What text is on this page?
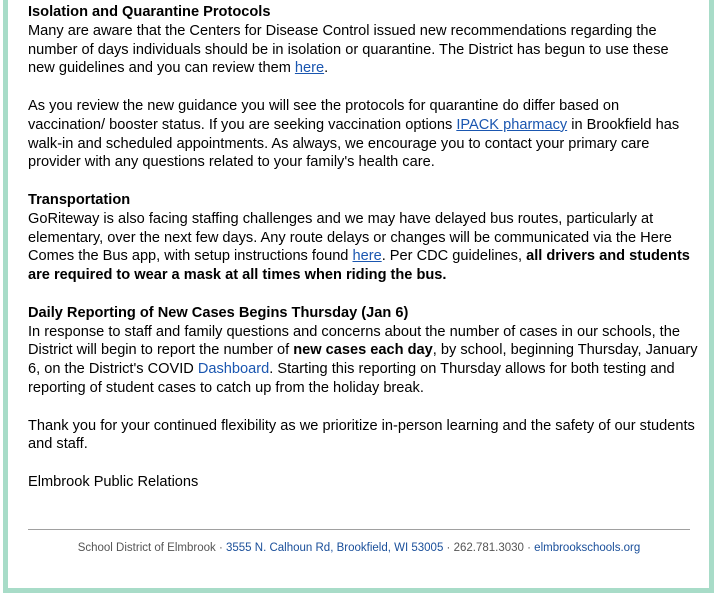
Isolation and Quarantine Protocols

Many are aware that the Centers for Disease Control issued new recommendations regarding the number of days individuals should be in isolation or quarantine. The District has begun to use these new guidelines and you can review them here.

As you review the new guidance you will see the protocols for quarantine do differ based on vaccination/ booster status. If you are seeking vaccination options IPACK pharmacy in Brookfield has walk-in and scheduled appointments. As always, we encourage you to contact your primary care provider with any questions related to your family's health care.

Transportation

GoRiteway is also facing staffing challenges and we may have delayed bus routes, particularly at elementary, over the next few days. Any route delays or changes will be communicated via the Here Comes the Bus app, with setup instructions found here. Per CDC guidelines, all drivers and students are required to wear a mask at all times when riding the bus.

Daily Reporting of New Cases Begins Thursday (Jan 6)

In response to staff and family questions and concerns about the number of cases in our schools, the District will begin to report the number of new cases each day, by school, beginning Thursday, January 6, on the District's COVID Dashboard. Starting this reporting on Thursday allows for both testing and reporting of student cases to catch up from the holiday break.

Thank you for your continued flexibility as we prioritize in-person learning and the safety of our students and staff.

Elmbrook Public Relations

School District of Elmbrook · 3555 N. Calhoun Rd, Brookfield, WI 53005 · 262.781.3030 · elmbrookschools.org
